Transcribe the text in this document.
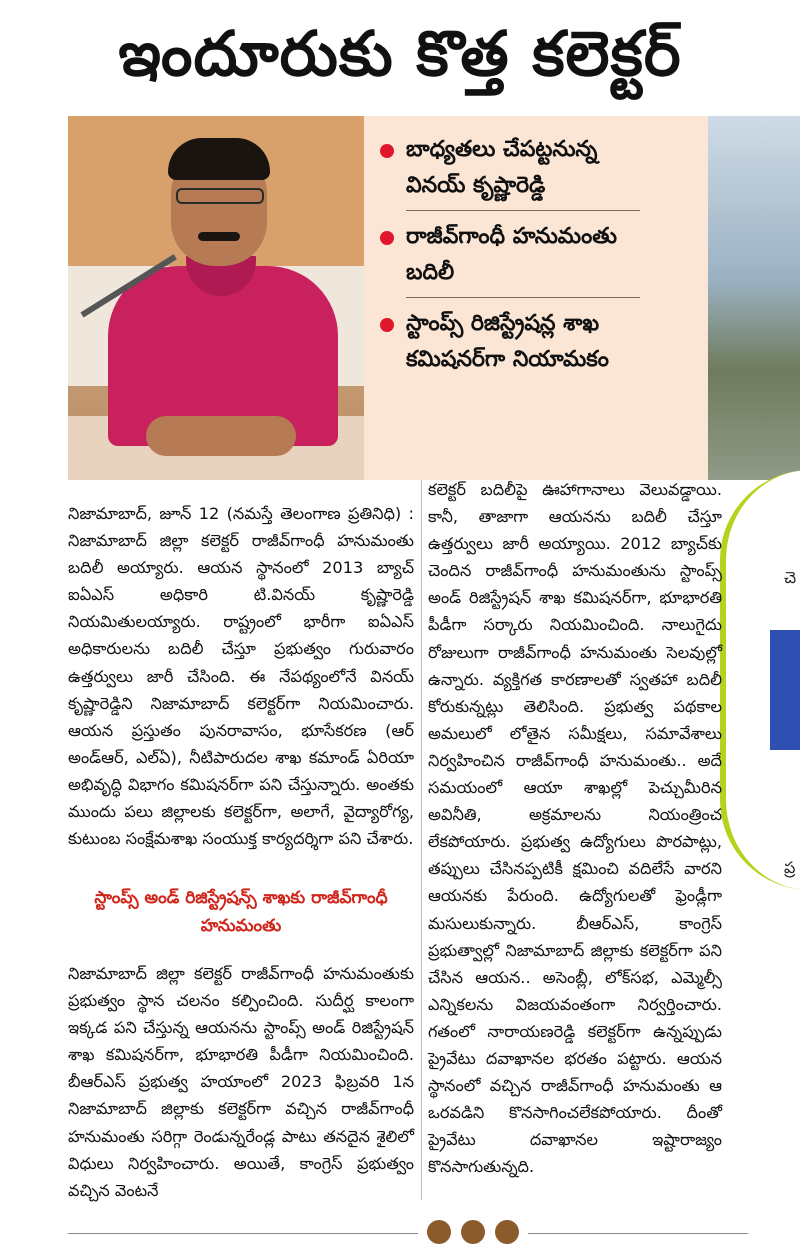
ఇందూరుకు కొత్త కలెక్టర్
బాధ్యతలు చేపట్టనున్న వినయ్ కృష్ణారెడ్డి
రాజీవ్‌గాంధీ హనుమంతు బదిలీ
స్టాంప్స్ రిజిస్ట్రేషన్ల శాఖ కమిషనర్‌గా నియామకం
చె
ప్ర
నిజామాబాద్, జూన్ 12 (నమస్తే తెలంగాణ ప్రతినిధి) : నిజామాబాద్ జిల్లా కలెక్టర్ రాజీవ్‌గాంధీ హనుమంతు బదిలీ అయ్యారు. ఆయన స్థానంలో 2013 బ్యాచ్ ఐఏఎస్ అధికారి టి.వినయ్ కృష్ణారెడ్డి నియమితులయ్యారు. రాష్ట్రంలో భారీగా ఐఏఎస్ అధికారులను బదిలీ చేస్తూ ప్రభుత్వం గురువారం ఉత్తర్వులు జారీ చేసింది. ఈ నేపథ్యంలోనే వినయ్ కృష్ణారెడ్డిని నిజామాబాద్ కలెక్టర్‌గా నియమించారు. ఆయన ప్రస్తుతం పునరావాసం, భూసేకరణ (ఆర్ అండ్ఆర్, ఎల్ఏ), నీటిపారుదల శాఖ కమాండ్ ఏరియా అభివృద్ధి విభాగం కమిషనర్‌గా పని చేస్తున్నారు. అంతకు ముందు పలు జిల్లాలకు కలెక్టర్‌గా, అలాగే, వైద్యారోగ్య, కుటుంబ సంక్షేమశాఖ సంయుక్త కార్యదర్శిగా పని చేశారు.
స్టాంప్స్ అండ్ రిజిస్ట్రేషన్స్ శాఖకు రాజీవ్‌గాంధీ హనుమంతు
నిజామాబాద్ జిల్లా కలెక్టర్ రాజీవ్‌గాంధీ హనుమంతుకు ప్రభుత్వం స్థాన చలనం కల్పించింది. సుదీర్ఘ కాలంగా ఇక్కడ పని చేస్తున్న ఆయనను స్టాంప్స్ అండ్ రిజిస్ట్రేషన్ శాఖ కమిషనర్‌గా, భూభారతి పీడీగా నియమించింది. బీఆర్ఎస్ ప్రభుత్వ హయాంలో 2023 ఫిబ్రవరి 1న నిజామాబాద్ జిల్లాకు కలెక్టర్‌గా వచ్చిన రాజీవ్‌గాంధీ హనుమంతు సరిగ్గా రెండున్నరేండ్ల పాటు తనదైన శైలిలో విధులు నిర్వహించారు. అయితే, కాంగ్రెస్ ప్రభుత్వం వచ్చిన వెంటనే
కలెక్టర్ బదిలీపై ఊహాగానాలు వెలువడ్డాయి. కానీ, తాజాగా ఆయనను బదిలీ చేస్తూ ఉత్తర్వులు జారీ అయ్యాయి. 2012 బ్యాచ్‌కు చెందిన రాజీవ్‌గాంధీ హనుమంతును స్టాంప్స్ అండ్ రిజిస్ట్రేషన్ శాఖ కమిషనర్‌గా, భూభారతి పీడీగా సర్కారు నియమించింది. నాలుగైదు రోజులుగా రాజీవ్‌గాంధీ హనుమంతు సెలవుల్లో ఉన్నారు. వ్యక్తిగత కారణాలతో స్వతహా బదిలీ కోరుకున్నట్లు తెలిసింది. ప్రభుత్వ పథకాల అమలులో లోతైన సమీక్షలు, సమావేశాలు నిర్వహించిన రాజీవ్‌గాంధీ హనుమంతు.. అదే సమయంలో ఆయా శాఖల్లో పెచ్చుమీరిన అవినీతి, అక్రమాలను నియంత్రించ లేకపోయారు. ప్రభుత్వ ఉద్యోగులు పొరపాట్లు, తప్పులు చేసినప్పటికీ క్షమించి వదిలేసే వారని ఆయనకు పేరుంది. ఉద్యోగులతో ఫ్రెండ్లీగా మసులుకున్నారు. బీఆర్ఎస్, కాంగ్రెస్ ప్రభుత్వాల్లో నిజామాబాద్ జిల్లాకు కలెక్టర్‌గా పని చేసిన ఆయన.. అసెంబ్లీ, లోక్‌సభ, ఎమ్మెల్సీ ఎన్నికలను విజయవంతంగా నిర్వర్తించారు. గతంలో నారాయణరెడ్డి కలెక్టర్‌గా ఉన్నప్పుడు ప్రైవేటు దవాఖానల భరతం పట్టారు. ఆయన స్థానంలో వచ్చిన రాజీవ్‌గాంధీ హనుమంతు ఆ ఒరవడిని కొనసాగించలేకపోయారు. దీంతో ప్రైవేటు దవాఖానల ఇష్టారాజ్యం కొనసాగుతున్నది.
